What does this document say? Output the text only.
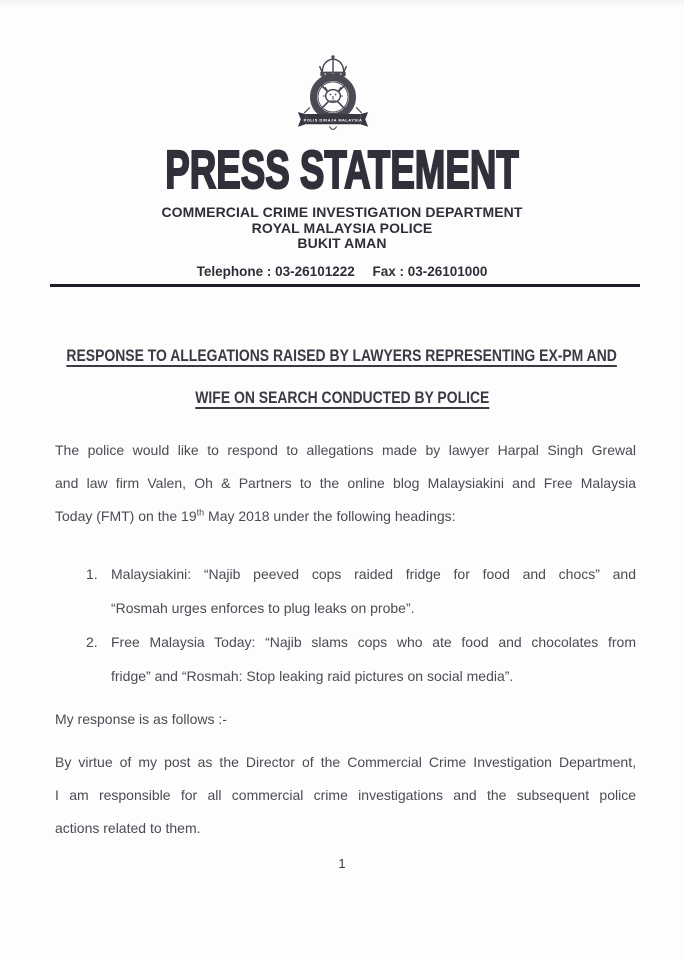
POLIS DIRAJA MALAYSIA
PRESS STATEMENT
COMMERCIAL CRIME INVESTIGATION DEPARTMENT
ROYAL MALAYSIA POLICE
BUKIT AMAN
Telephone : 03-26101222 Fax : 03-26101000
RESPONSE TO ALLEGATIONS RAISED BY LAWYERS REPRESENTING EX-PM AND
WIFE ON SEARCH CONDUCTED BY POLICE
The police would like to respond to allegations made by lawyer Harpal Singh Grewal
and law firm Valen, Oh & Partners to the online blog Malaysiakini and Free Malaysia
Today (FMT) on the 19th May 2018 under the following headings:
1. Malaysiakini: “Najib peeved cops raided fridge for food and chocs” and
“Rosmah urges enforces to plug leaks on probe”.
2. Free Malaysia Today: “Najib slams cops who ate food and chocolates from
fridge” and “Rosmah: Stop leaking raid pictures on social media”.
My response is as follows :-
By virtue of my post as the Director of the Commercial Crime Investigation Department,
I am responsible for all commercial crime investigations and the subsequent police
actions related to them.
1
